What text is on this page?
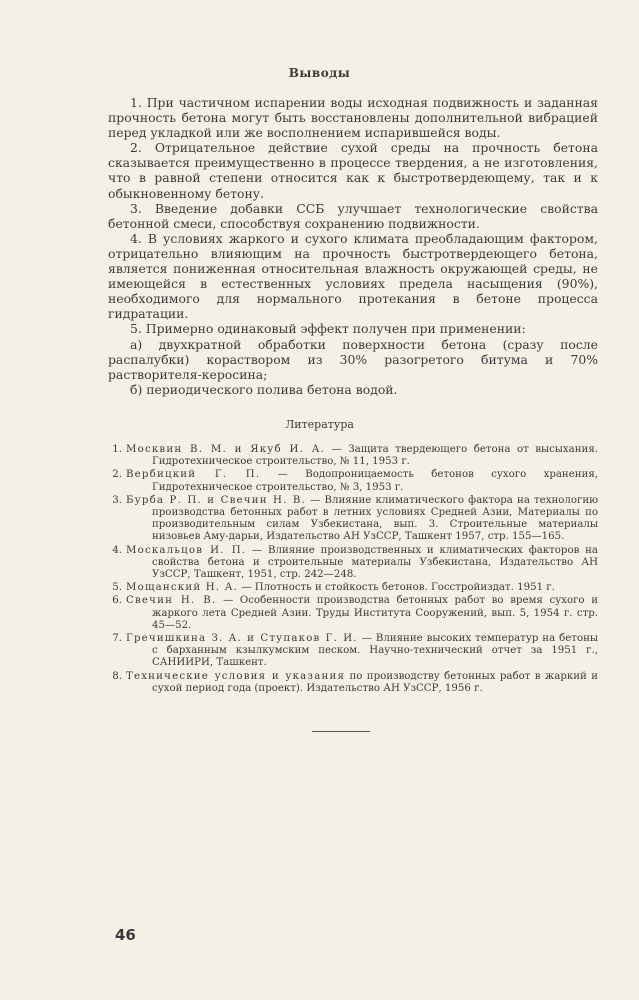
Выводы

1. При частичном испарении воды исходная подвижность и заданная прочность бетона могут быть восстановлены дополнительной вибрацией перед укладкой или же восполнением испарившейся воды.

2. Отрицательное действие сухой среды на прочность бетона сказывается преимущественно в процессе твердения, а не изготовления, что в равной степени относится как к быстротвердеющему, так и к обыкновенному бетону.

3. Введение добавки ССБ улучшает технологические свойства бетонной смеси, способствуя сохранению подвижности.

4. В условиях жаркого и сухого климата преобладающим фактором, отрицательно влияющим на прочность быстротвердеющего бетона, является пониженная относительная влажность окружающей среды, не имеющейся в естественных условиях предела насыщения (90%), необходимого для нормального протекания в бетоне процесса гидратации.

5. Примерно одинаковый эффект получен при применении:

а) двухкратной обработки поверхности бетона (сразу после распалубки) кораствором из 30% разогретого битума и 70% растворителя-керосина;

б) периодического полива бетона водой.

Литература
1. Москвин В. М. и Якуб И. А. — Защита твердеющего бетона от высыхания. Гидротехническое строительство, № 11, 1953 г.
2. Вербицкий Г. П. — Водопроницаемость бетонов сухого хранения, Гидротехническое строительство, № 3, 1953 г.
3. Бурба Р. П. и Свечин Н. В. — Влияние климатического фактора на технологию производства бетонных работ в летних условиях Средней Азии, Материалы по производительным силам Узбекистана, вып. 3. Строительные материалы низовьев Аму-дарьи, Издательство АН УзССР, Ташкент 1957, стр. 155—165.
4. Москальцов И. П. — Влияние производственных и климатических факторов на свойства бетона и строительные материалы Узбекистана, Издательство АН УзССР, Ташкент, 1951, стр. 242—248.
5. Мощанский Н. А. — Плотность и стойкость бетонов. Госстройиздат. 1951 г.
6. Свечин Н. В. — Особенности производства бетонных работ во время сухого и жаркого лета Средней Азии. Труды Института Сооружений, вып. 5, 1954 г. стр. 45—52.
7. Гречишкина З. А. и Ступаков Г. И. — Влияние высоких температур на бетоны с барханным кзылкумским песком. Научно-технический отчет за 1951 г., САНИИРИ, Ташкент.
8. Технические условия и указания по производству бетонных работ в жаркий и сухой период года (проект). Издательство АН УзССР, 1956 г.
46
